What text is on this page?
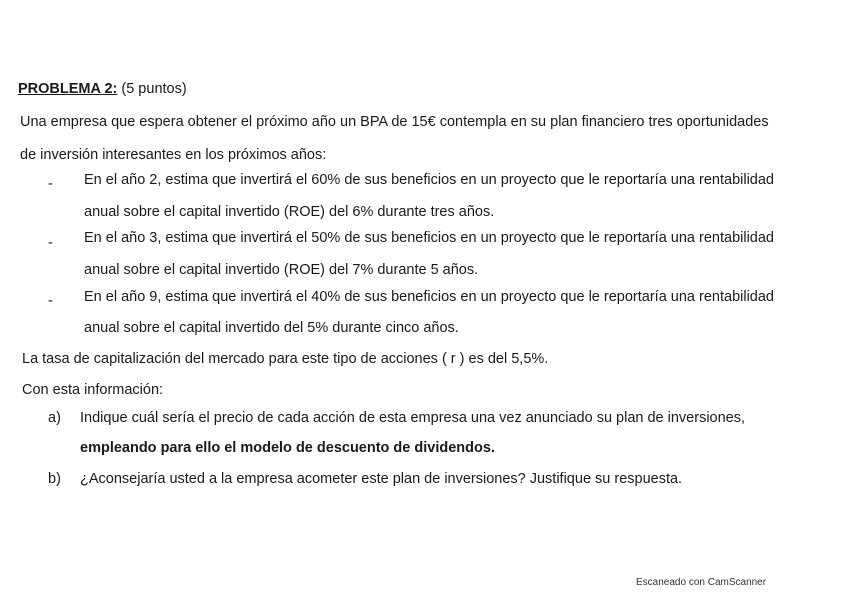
PROBLEMA 2: (5 puntos)
Una empresa que espera obtener el próximo año un BPA de 15€ contempla en su plan financiero tres oportunidades
de inversión interesantes en los próximos años:
- En el año 2, estima que invertirá el 60% de sus beneficios en un proyecto que le reportaría una rentabilidad
anual sobre el capital invertido (ROE) del 6% durante tres años.
- En el año 3, estima que invertirá el 50% de sus beneficios en un proyecto que le reportaría una rentabilidad
anual sobre el capital invertido (ROE) del 7% durante 5 años.
- En el año 9, estima que invertirá el 40% de sus beneficios en un proyecto que le reportaría una rentabilidad
anual sobre el capital invertido del 5% durante cinco años.
La tasa de capitalización del mercado para este tipo de acciones ( r ) es del 5,5%.
Con esta información:
a) Indique cuál sería el precio de cada acción de esta empresa una vez anunciado su plan de inversiones,
empleando para ello el modelo de descuento de dividendos.
b) ¿Aconsejaría usted a la empresa acometer este plan de inversiones? Justifique su respuesta.
Escaneado con CamScanner
